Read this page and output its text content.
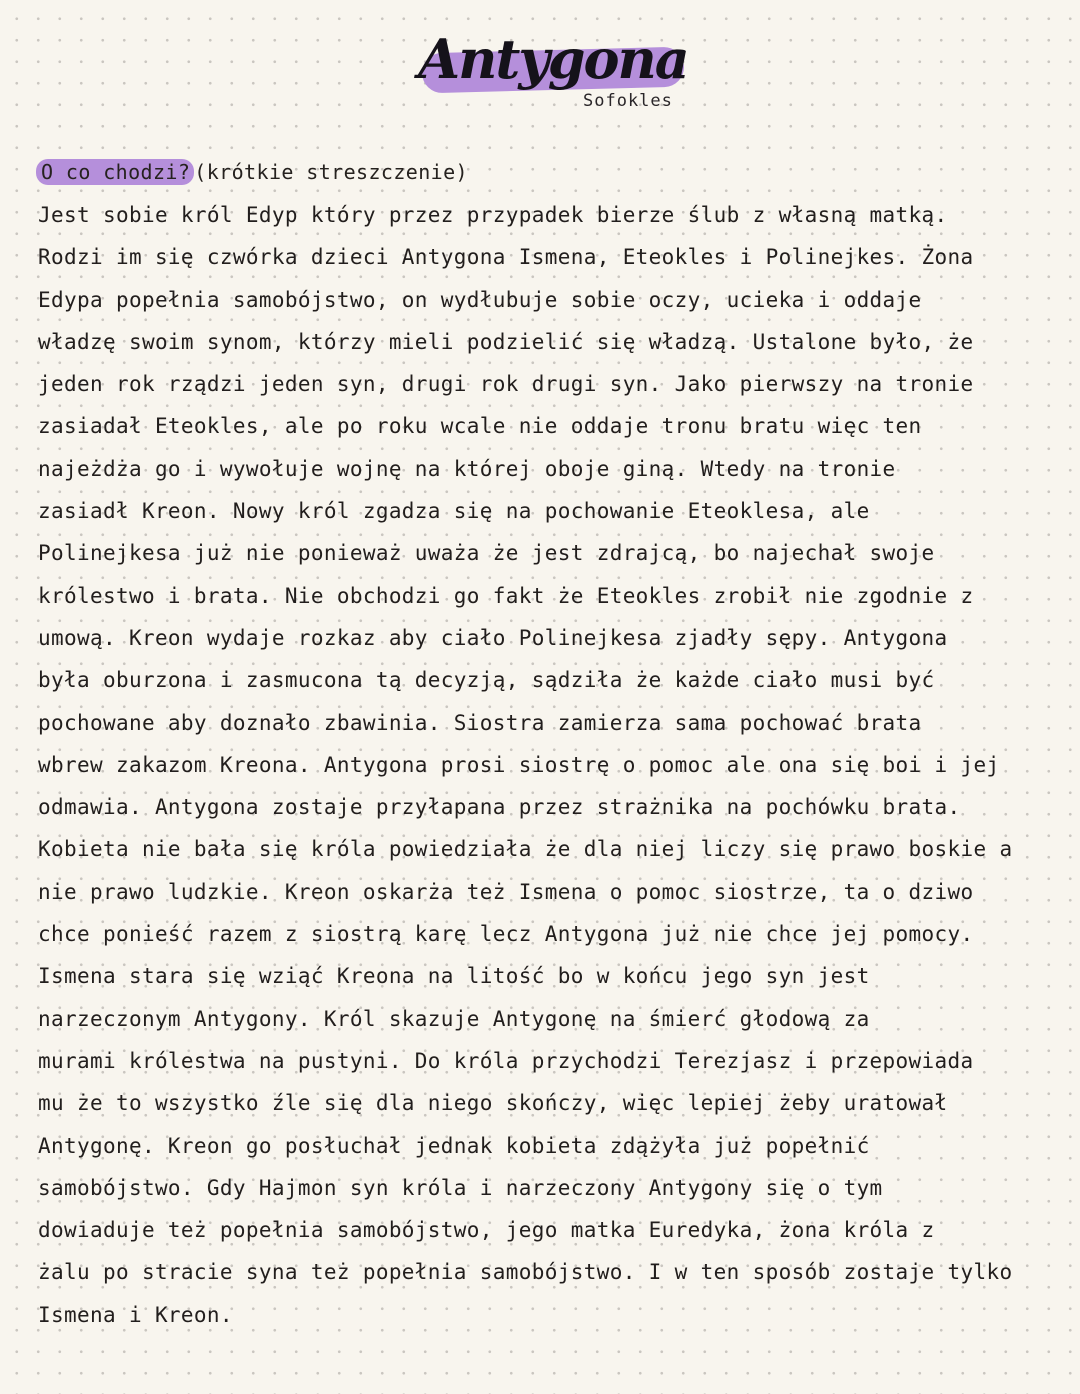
Antygona
Sofokles
O co chodzi? (krótkie streszczenie)
Jest sobie król Edyp który przez przypadek bierze ślub z własną matką.
Rodzi im się czwórka dzieci Antygona Ismena, Eteokles i Polinejkes. Żona
Edypa popełnia samobójstwo, on wydłubuje sobie oczy, ucieka i oddaje
władzę swoim synom, którzy mieli podzielić się władzą. Ustalone było, że
jeden rok rządzi jeden syn, drugi rok drugi syn. Jako pierwszy na tronie
zasiadał Eteokles, ale po roku wcale nie oddaje tronu bratu więc ten
najeżdża go i wywołuje wojnę na której oboje giną. Wtedy na tronie
zasiadł Kreon. Nowy król zgadza się na pochowanie Eteoklesa, ale
Polinejkesa już nie ponieważ uważa że jest zdrajcą, bo najechał swoje
królestwo i brata. Nie obchodzi go fakt że Eteokles zrobił nie zgodnie z
umową. Kreon wydaje rozkaz aby ciało Polinejkesa zjadły sępy. Antygona
była oburzona i zasmucona tą decyzją, sądziła że każde ciało musi być
pochowane aby doznało zbawinia. Siostra zamierza sama pochować brata
wbrew zakazom Kreona. Antygona prosi siostrę o pomoc ale ona się boi i jej
odmawia. Antygona zostaje przyłapana przez strażnika na pochówku brata.
Kobieta nie bała się króla powiedziała że dla niej liczy się prawo boskie a
nie prawo ludzkie. Kreon oskarża też Ismena o pomoc siostrze, ta o dziwo
chce ponieść razem z siostrą karę lecz Antygona już nie chce jej pomocy.
Ismena stara się wziąć Kreona na litość bo w końcu jego syn jest
narzeczonym Antygony. Król skazuje Antygonę na śmierć głodową za
murami królestwa na pustyni. Do króla przychodzi Terezjasz i przepowiada
mu że to wszystko źle się dla niego skończy, więc lepiej żeby uratował
Antygonę. Kreon go posłuchał jednak kobieta zdążyła już popełnić
samobójstwo. Gdy Hajmon syn króla i narzeczony Antygony się o tym
dowiaduje też popełnia samobójstwo, jego matka Euredyka, żona króla z
żalu po stracie syna też popełnia samobójstwo. I w ten sposób zostaje tylko
Ismena i Kreon.
